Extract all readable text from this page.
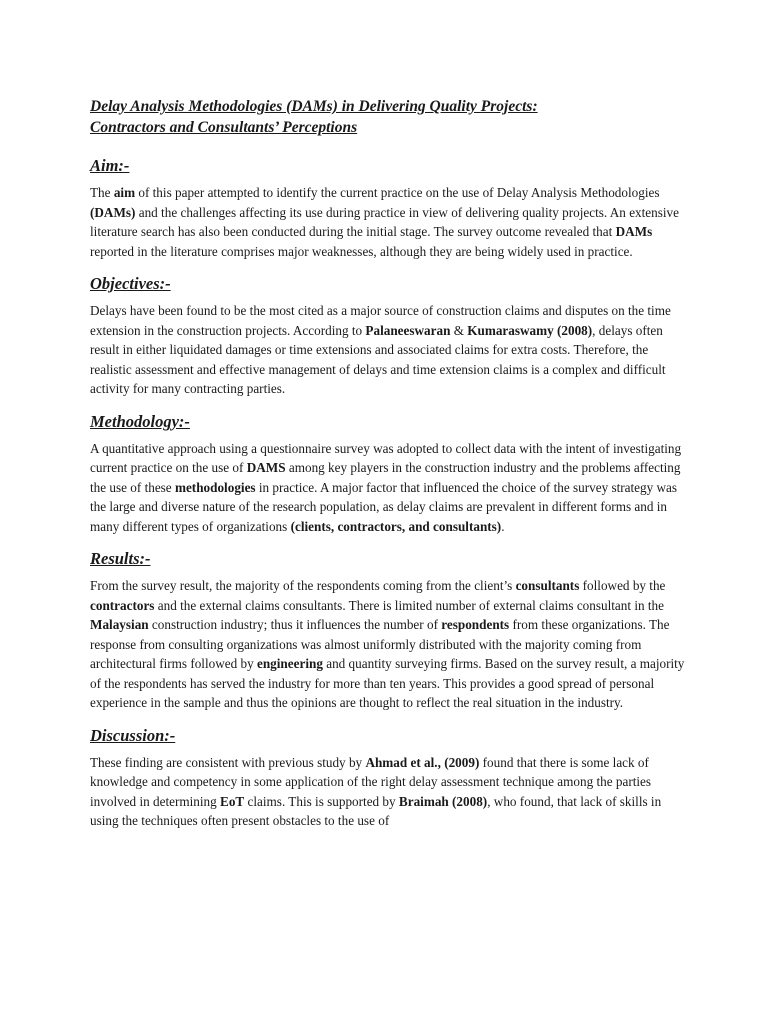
Delay Analysis Methodologies (DAMs) in Delivering Quality Projects:
Contractors and Consultants’ Perceptions
Aim:-

The aim of this paper attempted to identify the current practice on the use of Delay Analysis Methodologies (DAMs) and the challenges affecting its use during practice in view of delivering quality projects. An extensive literature search has also been conducted during the initial stage. The survey outcome revealed that DAMs reported in the literature comprises major weaknesses, although they are being widely used in practice.

Objectives:-

Delays have been found to be the most cited as a major source of construction claims and disputes on the time extension in the construction projects. According to Palaneeswaran & Kumaraswamy (2008), delays often result in either liquidated damages or time extensions and associated claims for extra costs. Therefore, the realistic assessment and effective management of delays and time extension claims is a complex and difficult activity for many contracting parties.

Methodology:-

A quantitative approach using a questionnaire survey was adopted to collect data with the intent of investigating current practice on the use of DAMS among key players in the construction industry and the problems affecting the use of these methodologies in practice. A major factor that influenced the choice of the survey strategy was the large and diverse nature of the research population, as delay claims are prevalent in different forms and in many different types of organizations (clients, contractors, and consultants).

Results:-

From the survey result, the majority of the respondents coming from the client’s consultants followed by the contractors and the external claims consultants. There is limited number of external claims consultant in the Malaysian construction industry; thus it influences the number of respondents from these organizations. The response from consulting organizations was almost uniformly distributed with the majority coming from architectural firms followed by engineering and quantity surveying firms. Based on the survey result, a majority of the respondents has served the industry for more than ten years. This provides a good spread of personal experience in the sample and thus the opinions are thought to reflect the real situation in the industry.

Discussion:-

These finding are consistent with previous study by Ahmad et al., (2009) found that there is some lack of knowledge and competency in some application of the right delay assessment technique among the parties involved in determining EoT claims. This is supported by Braimah (2008), who found, that lack of skills in using the techniques often present obstacles to the use of
